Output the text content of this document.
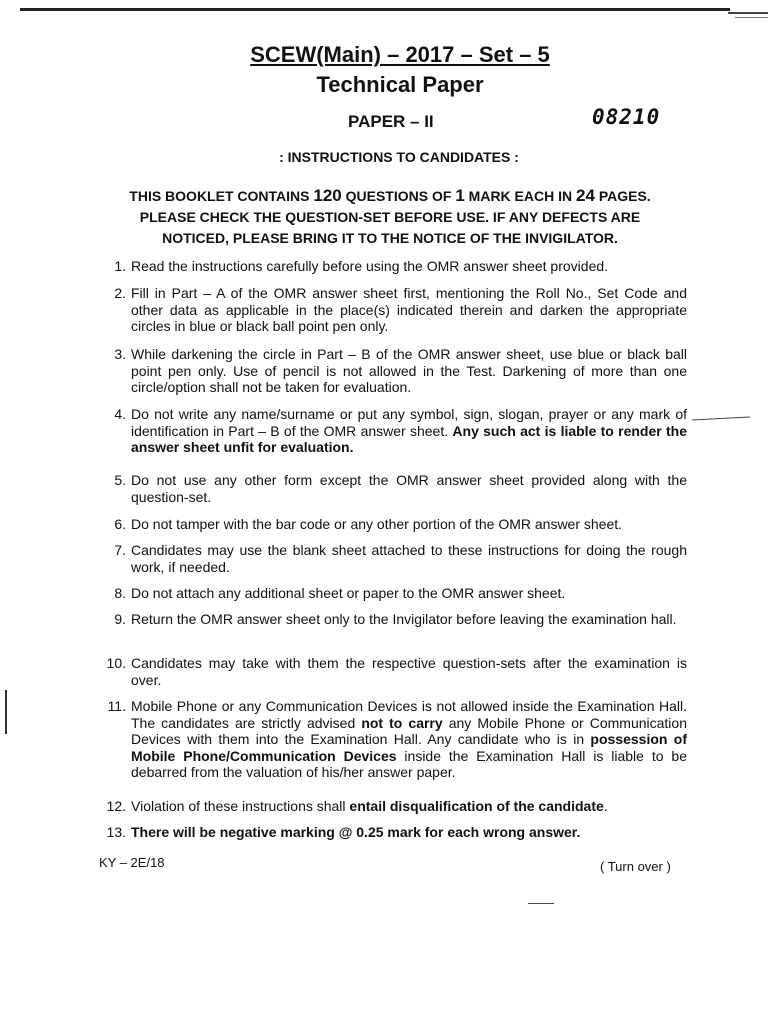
SCEW(Main) – 2017 – Set – 5
Technical Paper
PAPER – II	08210
: INSTRUCTIONS TO CANDIDATES :
THIS BOOKLET CONTAINS 120 QUESTIONS OF 1 MARK EACH IN 24 PAGES.
PLEASE CHECK THE QUESTION-SET BEFORE USE. IF ANY DEFECTS ARE
NOTICED, PLEASE BRING IT TO THE NOTICE OF THE INVIGILATOR.
1. Read the instructions carefully before using the OMR answer sheet provided.
2. Fill in Part – A of the OMR answer sheet first, mentioning the Roll No., Set Code and other data as applicable in the place(s) indicated therein and darken the appropriate circles in blue or black ball point pen only.
3. While darkening the circle in Part – B of the OMR answer sheet, use blue or black ball point pen only. Use of pencil is not allowed in the Test. Darkening of more than one circle/option shall not be taken for evaluation.
4. Do not write any name/surname or put any symbol, sign, slogan, prayer or any mark of identification in Part – B of the OMR answer sheet. Any such act is liable to render the answer sheet unfit for evaluation.
5. Do not use any other form except the OMR answer sheet provided along with the question-set.
6. Do not tamper with the bar code or any other portion of the OMR answer sheet.
7. Candidates may use the blank sheet attached to these instructions for doing the rough work, if needed.
8. Do not attach any additional sheet or paper to the OMR answer sheet.
9. Return the OMR answer sheet only to the Invigilator before leaving the examination hall.
10. Candidates may take with them the respective question-sets after the examination is over.
11. Mobile Phone or any Communication Devices is not allowed inside the Examination Hall. The candidates are strictly advised not to carry any Mobile Phone or Communication Devices with them into the Examination Hall. Any candidate who is in possession of Mobile Phone/Communication Devices inside the Examination Hall is liable to be debarred from the valuation of his/her answer paper.
12. Violation of these instructions shall entail disqualification of the candidate.
13. There will be negative marking @ 0.25 mark for each wrong answer.
KY – 2E/18	( Turn over )
